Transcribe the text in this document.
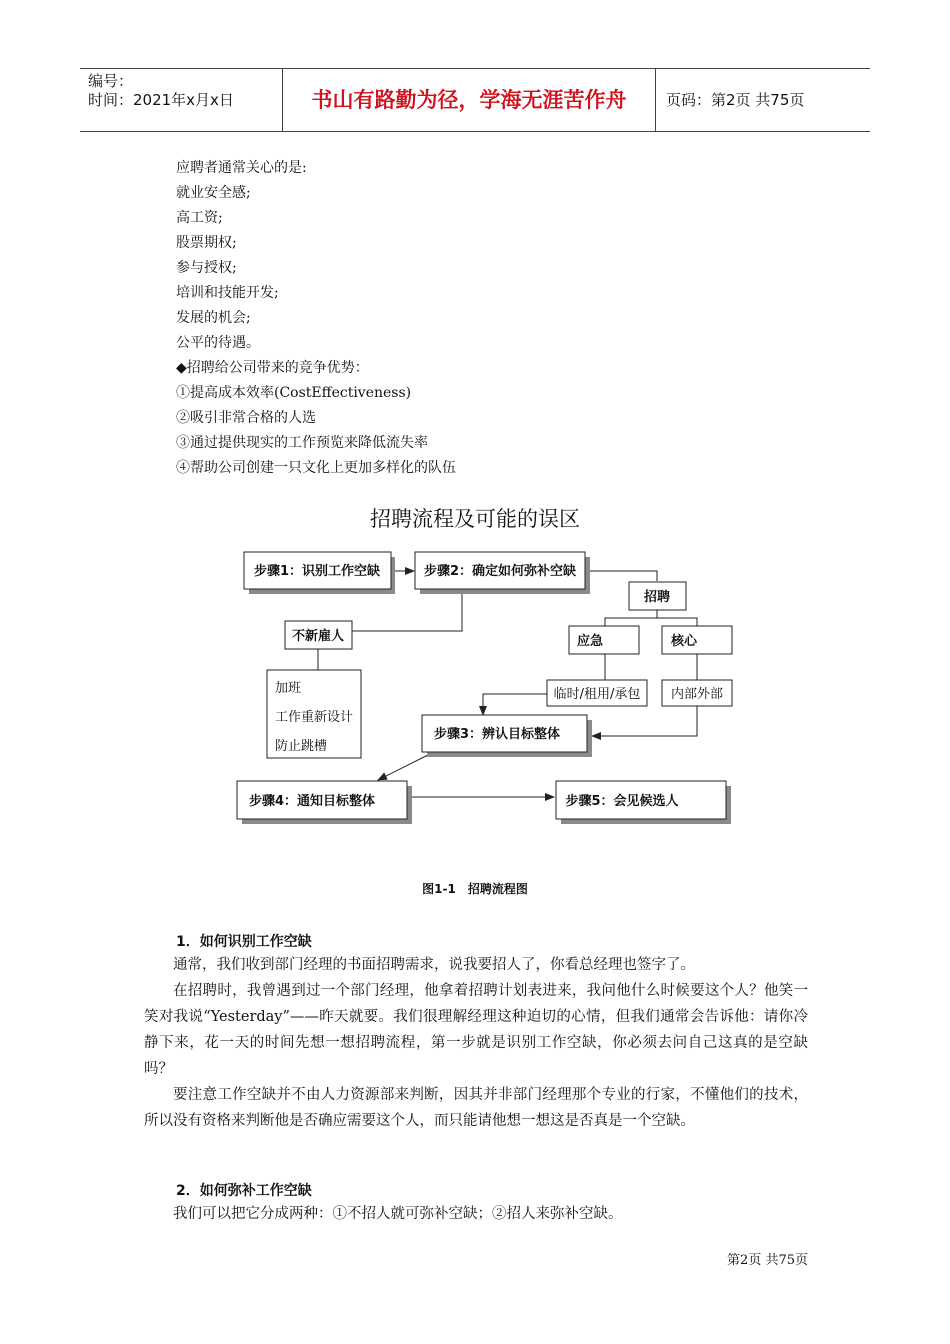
编号：
时间：2021年x月x日	书山有路勤为径，学海无涯苦作舟	页码：第2页 共75页
应聘者通常关心的是:
就业安全感;
高工资;
股票期权;
参与授权;
培训和技能开发;
发展的机会;
公平的待遇。
◆招聘给公司带来的竞争优势：
①提高成本效率(CostEffectiveness)
②吸引非常合格的人选
③通过提供现实的工作预览来降低流失率
④帮助公司创建一只文化上更加多样化的队伍
招聘流程及可能的误区
步骤1：识别工作空缺	步骤2：确定如何弥补空缺
招聘
不新雇人
加班
工作重新设计
防止跳槽
应急	核心
临时/租用/承包 内部外部
步骤3：辨认目标整体
步骤4：通知目标整体	步骤5：会见候选人
图1-1　招聘流程图
1．如何识别工作空缺

通常，我们收到部门经理的书面招聘需求，说我要招人了，你看总经理也签字了。

在招聘时，我曾遇到过一个部门经理，他拿着招聘计划表进来，我问他什么时候要这个人？他笑一笑对我说“Yesterday”——昨天就要。我们很理解经理这种迫切的心情，但我们通常会告诉他：请你冷静下来，花一天的时间先想一想招聘流程，第一步就是识别工作空缺，你必须去问自己这真的是空缺吗？

要注意工作空缺并不由人力资源部来判断，因其并非部门经理那个专业的行家，不懂他们的技术，所以没有资格来判断他是否确应需要这个人，而只能请他想一想这是否真是一个空缺。

2．如何弥补工作空缺

我们可以把它分成两种：①不招人就可弥补空缺；②招人来弥补空缺。

第2页 共75页
